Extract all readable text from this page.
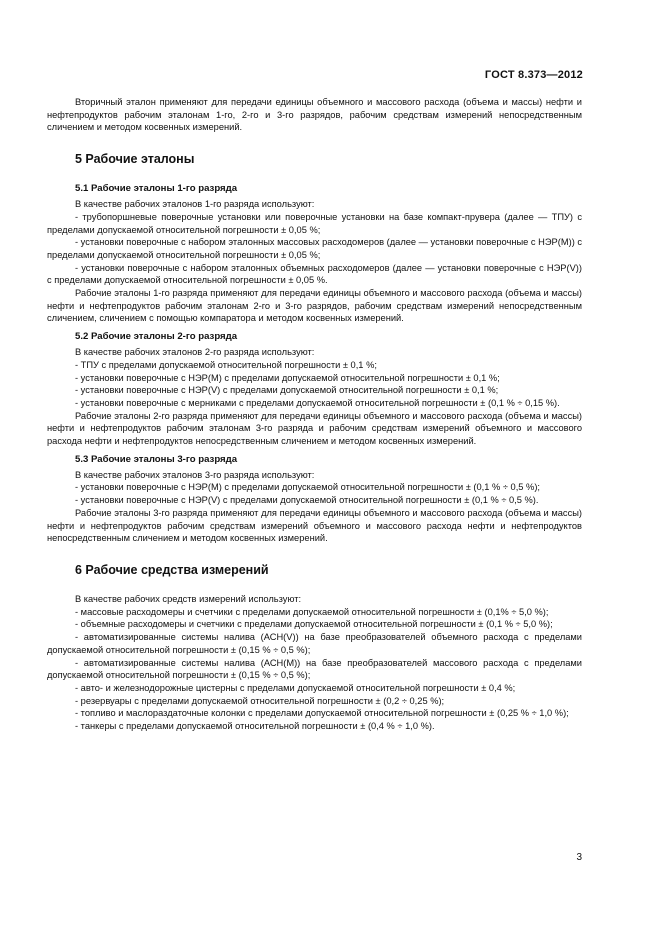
ГОСТ 8.373—2012

Вторичный эталон применяют для передачи единицы объемного и массового расхода (объема и массы) нефти и нефтепродуктов рабочим эталонам 1-го, 2-го и 3-го разрядов, рабочим средствам измерений непосредственным сличением и методом косвенных измерений.

5 Рабочие эталоны
5.1 Рабочие эталоны 1-го разряда

В качестве рабочих эталонов 1-го разряда используют:

- трубопоршневые поверочные установки или поверочные установки на базе компакт-прувера (далее — ТПУ) с пределами допускаемой относительной погрешности ± 0,05 %;

- установки поверочные с набором эталонных массовых расходомеров (далее — установки поверочные с НЭР(М)) с пределами допускаемой относительной погрешности ± 0,05 %;

- установки поверочные с набором эталонных объемных расходомеров (далее — установки поверочные с НЭР(V)) с пределами допускаемой относительной погрешности ± 0,05 %.

Рабочие эталоны 1-го разряда применяют для передачи единицы объемного и массового расхода (объема и массы) нефти и нефтепродуктов рабочим эталонам 2-го и 3-го разрядов, рабочим средствам измерений непосредственным сличением, сличением с помощью компаратора и методом косвенных измерений.

5.2 Рабочие эталоны 2-го разряда

В качестве рабочих эталонов 2-го разряда используют:

- ТПУ с пределами допускаемой относительной погрешности ± 0,1 %;

- установки поверочные с НЭР(М) с пределами допускаемой относительной погрешности ± 0,1 %;

- установки поверочные с НЭР(V) с пределами допускаемой относительной погрешности ± 0,1 %;

- установки поверочные с мерниками с пределами допускаемой относительной погрешности ± (0,1 % ÷ 0,15 %).

Рабочие эталоны 2-го разряда применяют для передачи единицы объемного и массового расхода (объема и массы) нефти и нефтепродуктов рабочим эталонам 3-го разряда и рабочим средствам измерений объемного и массового расхода нефти и нефтепродуктов непосредственным сличением и методом косвенных измерений.

5.3 Рабочие эталоны 3-го разряда

В качестве рабочих эталонов 3-го разряда используют:

- установки поверочные с НЭР(М) с пределами допускаемой относительной погрешности ± (0,1 % ÷ 0,5 %);

- установки поверочные с НЭР(V) с пределами допускаемой относительной погрешности ± (0,1 % ÷ 0,5 %).

Рабочие эталоны 3-го разряда применяют для передачи единицы объемного и массового расхода (объема и массы) нефти и нефтепродуктов рабочим средствам измерений объемного и массового расхода нефти и нефтепродуктов непосредственным сличением и методом косвенных измерений.

6 Рабочие средства измерений

В качестве рабочих средств измерений используют:

- массовые расходомеры и счетчики с пределами допускаемой относительной погрешности ± (0,1% ÷ 5,0 %);

- объемные расходомеры и счетчики с пределами допускаемой относительной погрешности ± (0,1 % ÷ 5,0 %);

- автоматизированные системы налива (АСН(V)) на базе преобразователей объемного расхода с пределами допускаемой относительной погрешности ± (0,15 % ÷ 0,5 %);

- автоматизированные системы налива (АСН(М)) на базе преобразователей массового расхода с пределами допускаемой относительной погрешности ± (0,15 % ÷ 0,5 %);

- авто- и железнодорожные цистерны с пределами допускаемой относительной погрешности ± 0,4 %;

- резервуары с пределами допускаемой относительной погрешности ± (0,2 ÷ 0,25 %);

- топливо и маслораздаточные колонки с пределами допускаемой относительной погрешности ± (0,25 % ÷ 1,0 %);

- танкеры с пределами допускаемой относительной погрешности ± (0,4 % ÷ 1,0 %).

3
